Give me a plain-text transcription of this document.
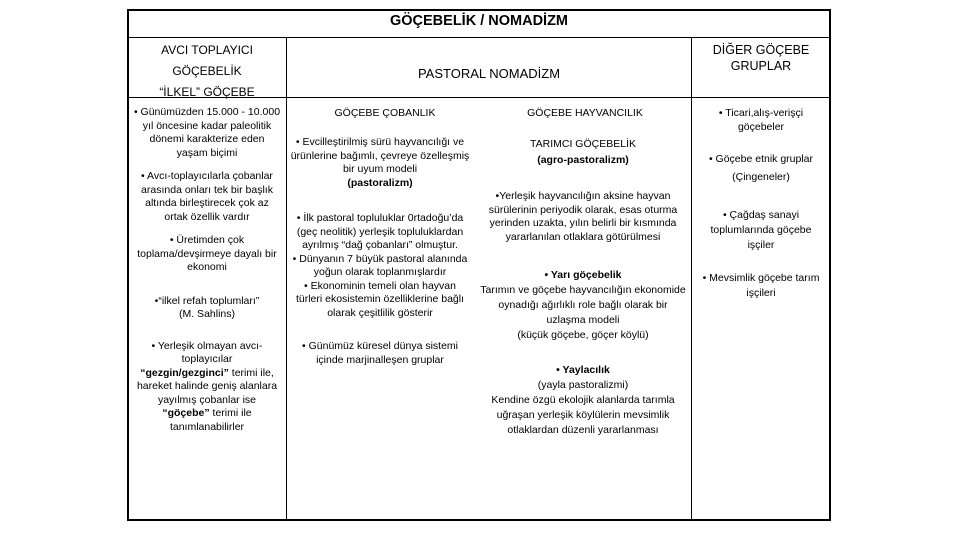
GÖÇEBELİK / NOMADİZM
AVCI TOPLAYICI
GÖÇEBELİK
“İLKEL” GÖÇEBE
PASTORAL NOMADİZM
DİĞER GÖÇEBE GRUPLAR
GÖÇEBE ÇOBANLIK	GÖÇEBE HAYVANCILIK

• Günümüzden 15.000 - 10.000 yıl öncesine kadar paleolitik dönemi karakterize eden yaşam biçimi

• Avcı-toplayıcılarla çobanlar arasında onları tek bir başlık altında birleştirecek çok az ortak özellik vardır

• Üretimden çok toplama/devşirmeye dayalı bir ekonomi

•“ilkel refah toplumları”
(M. Sahlins)

• Yerleşik olmayan avcı-toplayıcılar
“gezgin/gezginci” terimi ile, hareket halinde geniş alanlara yayılmış çobanlar ise “göçebe” terimi ile tanımlanabilirler

• Evcilleştirilmiş sürü hayvancılığı ve ürünlerine bağımlı, çevreye özelleşmiş bir uyum modeli
(pastoralizm)

• İlk pastoral topluluklar 0rtadoğu’da (geç neolitik) yerleşik topluluklardan ayrılmış “dağ çobanları” olmuştur.

• Dünyanın 7 büyük pastoral alanında yoğun olarak toplanmışlardır

• Ekonominin temeli olan hayvan türleri ekosistemin özelliklerine bağlı olarak çeşitlilik gösterir

• Günümüz küresel dünya sistemi içinde marjinalleşen gruplar

TARIMCI GÖÇEBELİK
(agro-pastoralizm)

•Yerleşik hayvancılığın aksine hayvan sürülerinin periyodik olarak, esas oturma yerinden uzakta, yılın belirli bir kısmında yararlanılan otlaklara götürülmesi

• Yarı göçebelik
Tarımın ve göçebe hayvancılığın ekonomide oynadığı ağırlıklı role bağlı olarak bir uzlaşma modeli
(küçük göçebe, göçer köylü)

• Yaylacılık
(yayla pastoralizmi)
Kendine özgü ekolojik alanlarda tarımla uğraşan yerleşik köylülerin mevsimlik otlaklardan düzenli yararlanması

• Ticari,alış-verişçi göçebeler

• Göçebe etnik gruplar (Çingeneler)

• Çağdaş sanayi toplumlarında göçebe işçiler

• Mevsimlik göçebe tarım işçileri
